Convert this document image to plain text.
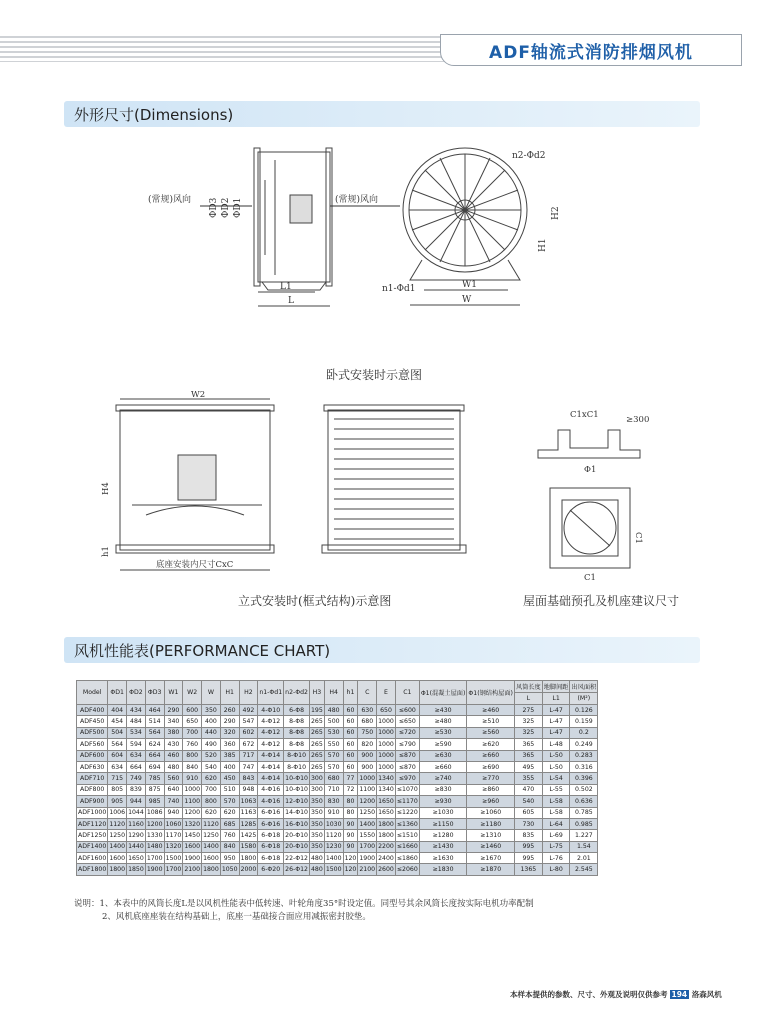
ADF轴流式消防排烟风机
外形尺寸(Dimensions)
(常规)风向	(常规)风向
ΦD3 ΦD2 ΦD1
L1
L
n2-Φd2
H2
H1
n1-Φd1	W1
W
卧式安装时示意图
W2
H4
h1
底座安装内尺寸CxC
C1xC1	≥300
Φ1
C1
C1
立式安装时(框式结构)示意图	屋面基础预孔及机座建议尺寸
风机性能表(PERFORMANCE CHART)
Model	ΦD1	ΦD2	ΦD3	W1	W2	W	H1	H2	n1-Φd1	n2-Φd2	H3	H4	h1	C	E	C1	Φ1(混凝土屋面)	Φ1(钢结构屋面)	风筒长度	地脚间距	出风面积
																			L	L1	(M²)
ADF400	404	434	464	290	600	350	260	492	4-Φ10	6-Φ8	195	480	60	630	650	≤600	≥430	≥460	275	L-47	0.126
ADF450	454	484	514	340	650	400	290	547	4-Φ12	8-Φ8	265	500	60	680	1000	≤650	≥480	≥510	325	L-47	0.159
ADF500	504	534	564	380	700	440	320	602	4-Φ12	8-Φ8	265	530	60	750	1000	≤720	≥530	≥560	325	L-47	0.2
ADF560	564	594	624	430	760	490	360	672	4-Φ12	8-Φ8	265	550	60	820	1000	≤790	≥590	≥620	365	L-48	0.249
ADF600	604	634	664	460	800	520	385	717	4-Φ14	8-Φ10	265	570	60	900	1000	≤870	≥630	≥660	365	L-50	0.283
ADF630	634	664	694	480	840	540	400	747	4-Φ14	8-Φ10	265	570	60	900	1000	≤870	≥660	≥690	495	L-50	0.316
ADF710	715	749	785	560	910	620	450	843	4-Φ14	10-Φ10	300	680	77	1000	1340	≤970	≥740	≥770	355	L-54	0.396
ADF800	805	839	875	640	1000	700	510	948	4-Φ16	10-Φ10	300	710	72	1100	1340	≤1070	≥830	≥860	470	L-55	0.502
ADF900	905	944	985	740	1100	800	570	1063	4-Φ16	12-Φ10	350	830	80	1200	1650	≤1170	≥930	≥960	540	L-58	0.636
ADF1000	1006	1044	1086	940	1200	620	620	1163	6-Φ16	14-Φ10	350	910	80	1250	1650	≤1220	≥1030	≥1060	605	L-58	0.785
ADF1120	1120	1160	1200	1060	1320	1120	685	1285	6-Φ16	16-Φ10	350	1030	90	1400	1800	≤1360	≥1150	≥1180	730	L-64	0.985
ADF1250	1250	1290	1330	1170	1450	1250	760	1425	6-Φ18	20-Φ10	350	1120	90	1550	1800	≤1510	≥1280	≥1310	835	L-69	1.227
ADF1400	1400	1440	1480	1320	1600	1400	840	1580	6-Φ18	20-Φ10	350	1230	90	1700	2200	≤1660	≥1430	≥1460	995	L-75	1.54
ADF1600	1600	1650	1700	1500	1900	1600	950	1800	6-Φ18	22-Φ12	480	1400	120	1900	2400	≤1860	≥1630	≥1670	995	L-76	2.01
ADF1800	1800	1850	1900	1700	2100	1800	1050	2000	6-Φ20	26-Φ12	480	1500	120	2100	2600	≤2060	≥1830	≥1870	1365	L-80	2.545
说明：1、本表中的风筒长度L是以风机性能表中低转速、叶轮角度35°时设定值。同型号其余风筒长度按实际电机功率配制
2、风机底座座装在结构基础上，底座一基础接合面应用减振密封胶垫。
本样本提供的参数、尺寸、外观及说明仅供参考 194 洛森风机
